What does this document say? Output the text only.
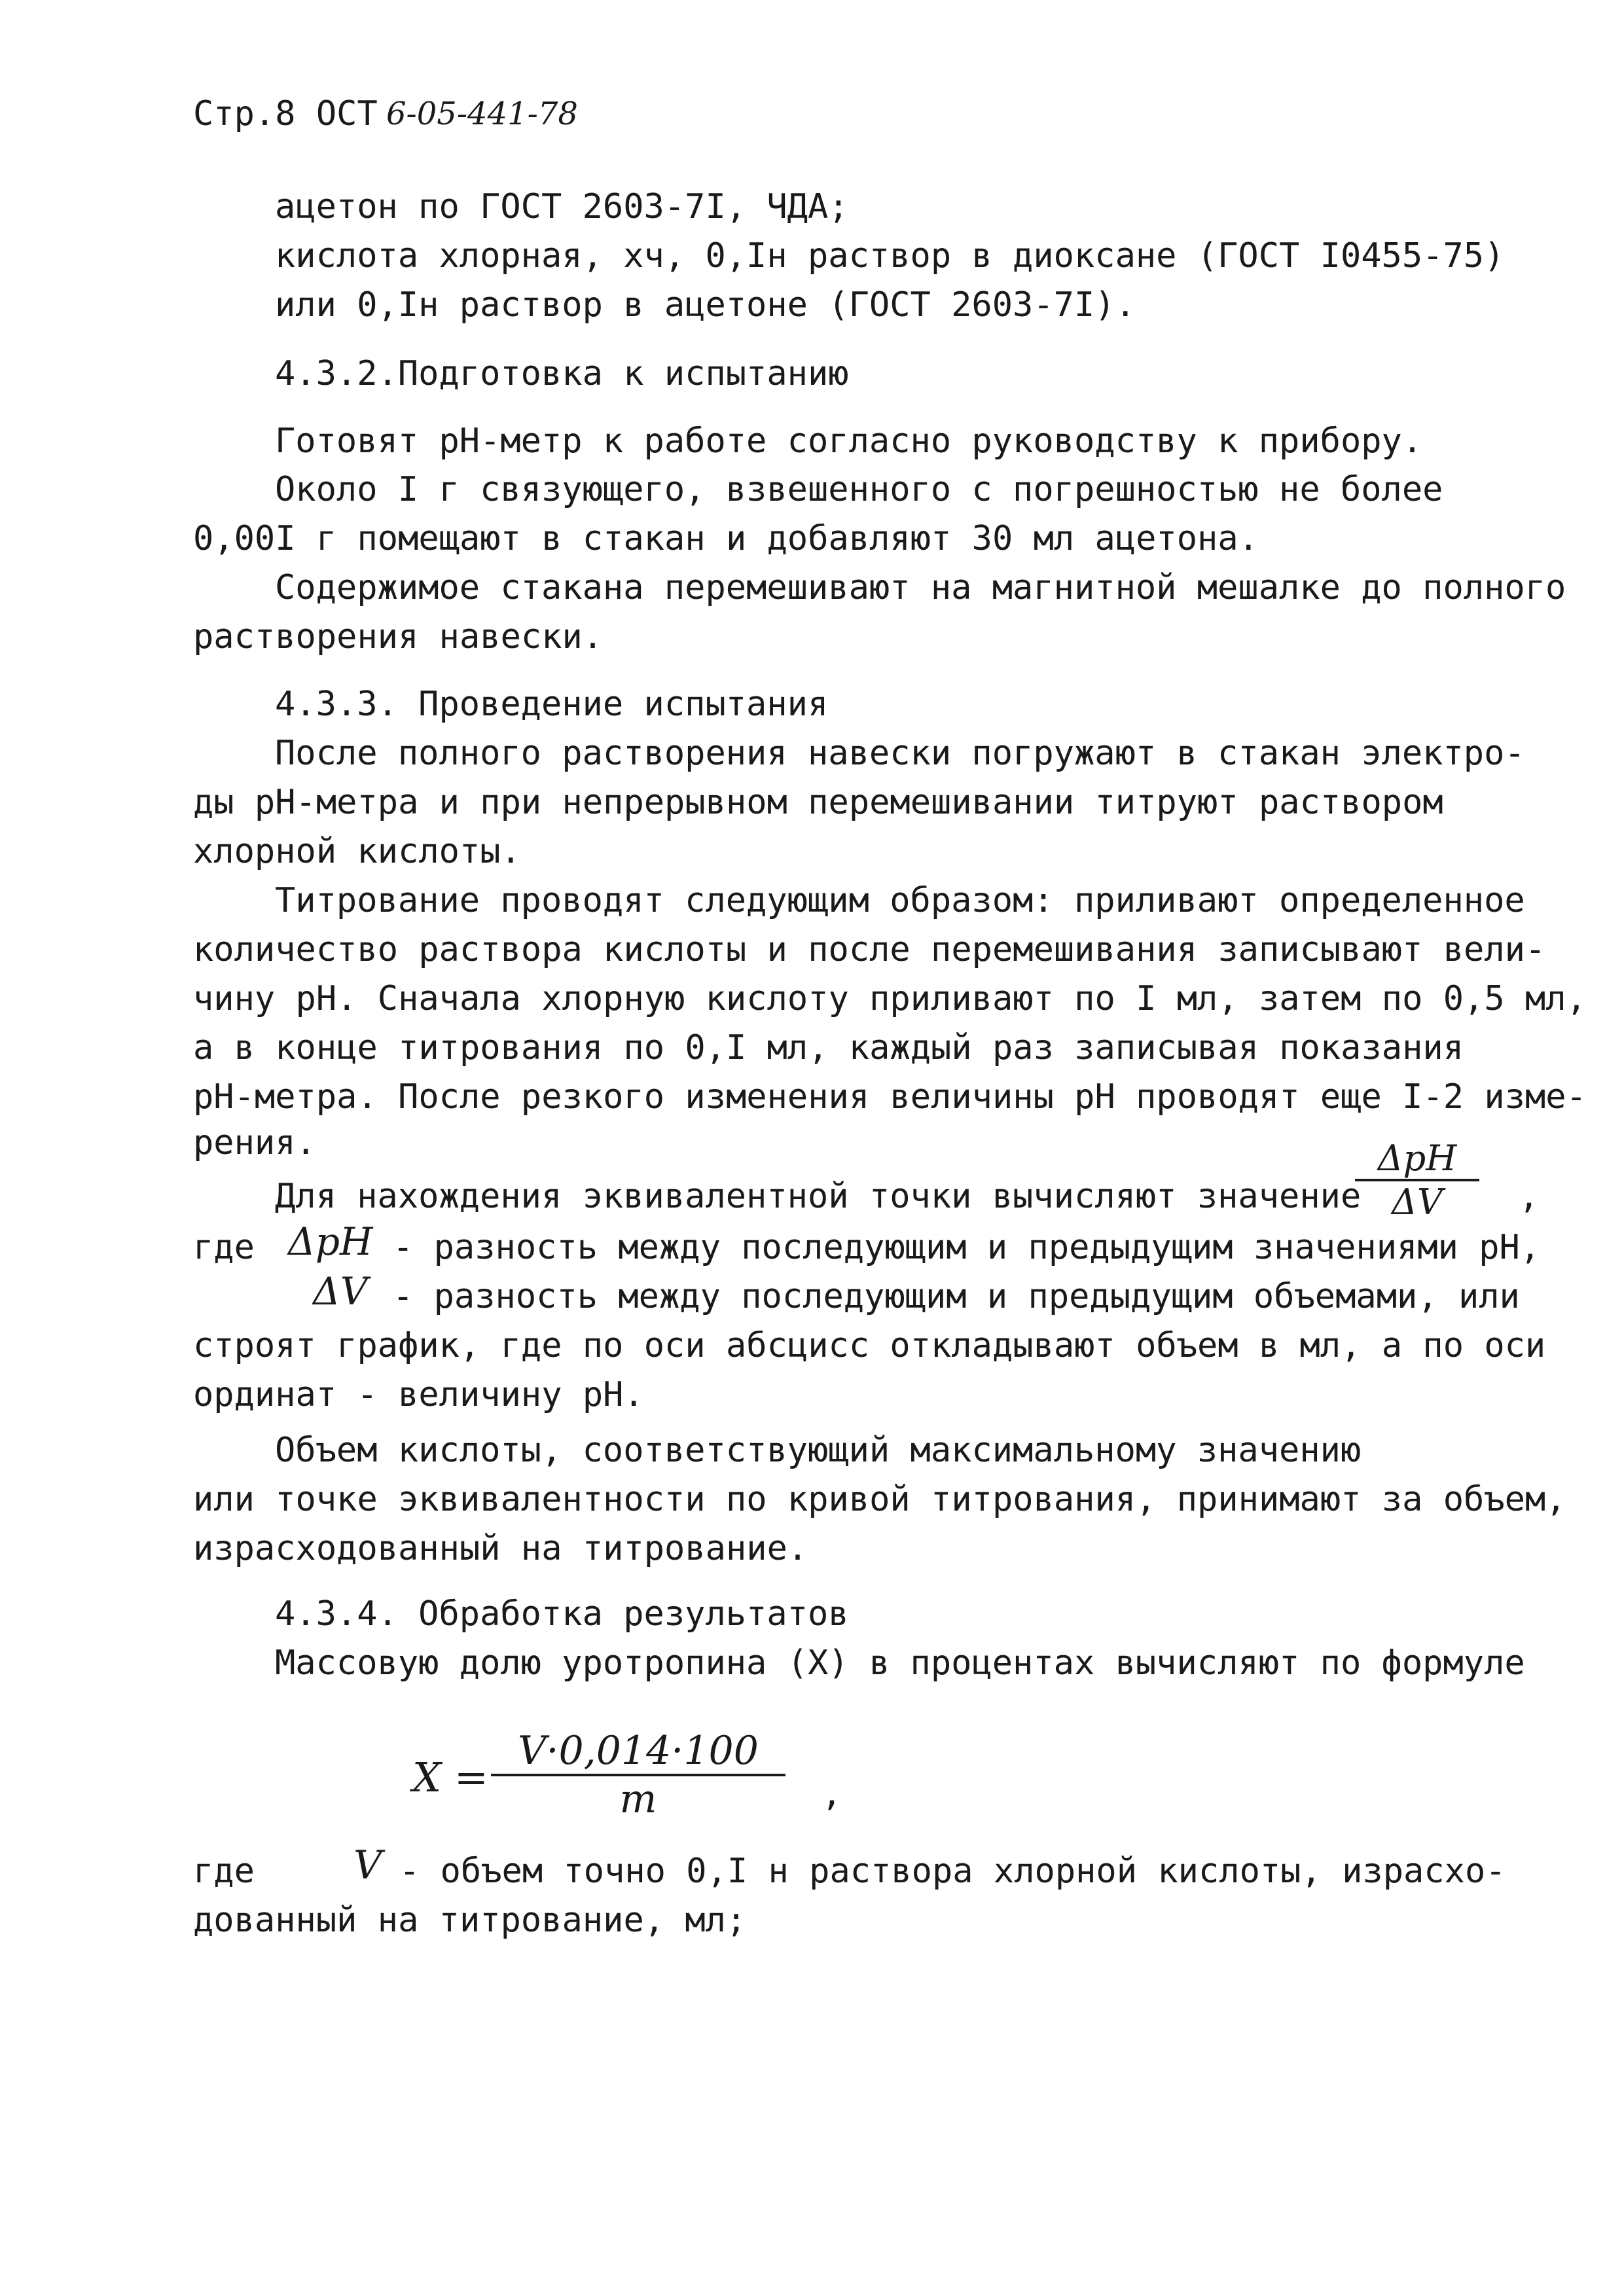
Стр.8 ОСТ 6-05-441-78
ацетон по ГОСТ 2603-7I, ЧДА;
кислота хлорная, хч, 0,Iн раствор в диоксане (ГОСТ I0455-75)
или 0,Iн раствор в ацетоне (ГОСТ 2603-7I).
4.3.2.Подготовка к испытанию
Готовят рН-метр к работе согласно руководству к прибору.
Около I г связующего, взвешенного с погрешностью не более
0,00I г помещают в стакан и добавляют 30 мл ацетона.
Содержимое стакана перемешивают на магнитной мешалке до полного
растворения навески.
4.3.3. Проведение испытания
После полного растворения навески погружают в стакан электро-
ды рН-метра и при непрерывном перемешивании титруют раствором
хлорной кислоты.
Титрование проводят следующим образом: приливают определенное
количество раствора кислоты и после перемешивания записывают вели-
чину рН. Сначала хлорную кислоту приливают по I мл, затем по 0,5 мл,
а в конце титрования по 0,I мл, каждый раз записывая показания
рН-метра. После резкого изменения величины рН проводят еще I-2 изме-
рения.
Для нахождения эквивалентной точки вычисляют значение
ΔpH
ΔV	,
где ΔpH - разность между последующим и предыдущим значениями рН,
ΔV - разность между последующим и предыдущим объемами, или
строят график, где по оси абсцисс откладывают объем в мл, а по оси
ординат - величину рН.
Объем кислоты, соответствующий максимальному значению
или точке эквивалентности по кривой титрования, принимают за объем,
израсходованный на титрование.
4.3.4. Обработка результатов
Массовую долю уротропина (X) в процентах вычисляют по формуле
X =
V·0,014·100
m	,
где	V - объем точно 0,I н раствора хлорной кислоты, израсхо-
дованный на титрование, мл;
